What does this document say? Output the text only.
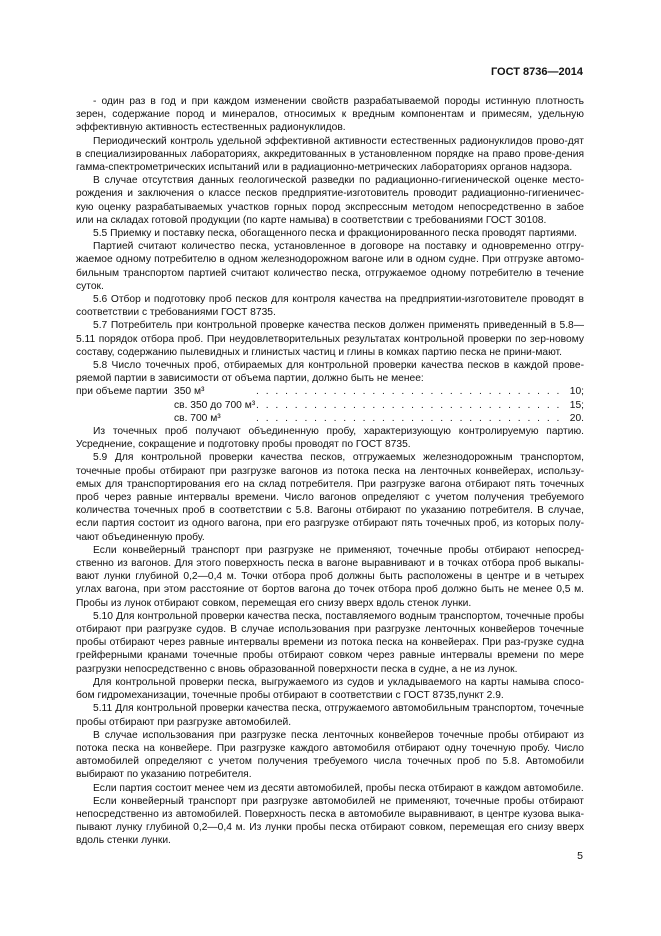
ГОСТ 8736—2014

- один раз в год и при каждом изменении свойств разрабатываемой породы истинную плотность зерен, содержание пород и минералов, относимых к вредным компонентам и примесям, удельную эффективную активность естественных радионуклидов.

Периодический контроль удельной эффективной активности естественных радионуклидов прово-дят в специализированных лабораториях, аккредитованных в установленном порядке на право прове-дения гамма-спектрометрических испытаний или в радиационно-метрических лабораториях органов надзора.

В случае отсутствия данных геологической разведки по радиационно-гигиенической оценке место-рождения и заключения о классе песков предприятие-изготовитель проводит радиационно-гигиеничес-кую оценку разрабатываемых участков горных пород экспрессным методом непосредственно в забое или на складах готовой продукции (по карте намыва) в соответствии с требованиями ГОСТ 30108.

5.5 Приемку и поставку песка, обогащенного песка и фракционированного песка проводят партиями.

Партией считают количество песка, установленное в договоре на поставку и одновременно отгру-жаемое одному потребителю в одном железнодорожном вагоне или в одном судне. При отгрузке автомо-бильным транспортом партией считают количество песка, отгружаемое одному потребителю в течение суток.

5.6 Отбор и подготовку проб песков для контроля качества на предприятии-изготовителе проводят в соответствии с требованиями ГОСТ 8735.

5.7 Потребитель при контрольной проверке качества песков должен применять приведенный в 5.8—5.11 порядок отбора проб. При неудовлетворительных результатах контрольной проверки по зер-новому составу, содержанию пылевидных и глинистых частиц и глины в комках партию песка не прини-мают.

5.8 Число точечных проб, отбираемых для контрольной проверки качества песков в каждой прове-ряемой партии в зависимости от объема партии, должно быть не менее:

при объеме партии 350 м³	. . . . . . . . . . . . . . . . . . . . . . . . . . . . . . . . 10;
св. 350 до 700 м³ . . . . . . . . . . . . . . . . . . . . . . . . . . . . . . . . 15;
св. 700 м³	. . . . . . . . . . . . . . . . . . . . . . . . . . . . . . . . 20.

Из точечных проб получают объединенную пробу, характеризующую контролируемую партию. Усреднение, сокращение и подготовку пробы проводят по ГОСТ 8735.

5.9 Для контрольной проверки качества песков, отгружаемых железнодорожным транспортом, точечные пробы отбирают при разгрузке вагонов из потока песка на ленточных конвейерах, использу-емых для транспортирования его на склад потребителя. При разгрузке вагона отбирают пять точечных проб через равные интервалы времени. Число вагонов определяют с учетом получения требуемого количества точечных проб в соответствии с 5.8. Вагоны отбирают по указанию потребителя. В случае, если партия состоит из одного вагона, при его разгрузке отбирают пять точечных проб, из которых полу-чают объединенную пробу.

Если конвейерный транспорт при разгрузке не применяют, точечные пробы отбирают непосред-ственно из вагонов. Для этого поверхность песка в вагоне выравнивают и в точках отбора проб выкапы-вают лунки глубиной 0,2—0,4 м. Точки отбора проб должны быть расположены в центре и в четырех углах вагона, при этом расстояние от бортов вагона до точек отбора проб должно быть не менее 0,5 м. Пробы из лунок отбирают совком, перемещая его снизу вверх вдоль стенок лунки.

5.10 Для контрольной проверки качества песка, поставляемого водным транспортом, точечные пробы отбирают при разгрузке судов. В случае использования при разгрузке ленточных конвейеров точечные пробы отбирают через равные интервалы времени из потока песка на конвейерах. При раз-грузке судна грейферными кранами точечные пробы отбирают совком через равные интервалы времени по мере разгрузки непосредственно с вновь образованной поверхности песка в судне, а не из лунок.

Для контрольной проверки песка, выгружаемого из судов и укладываемого на карты намыва спосо-бом гидромеханизации, точечные пробы отбирают в соответствии с ГОСТ 8735,пункт 2.9.

5.11 Для контрольной проверки качества песка, отгружаемого автомобильным транспортом, точечные пробы отбирают при разгрузке автомобилей.

В случае использования при разгрузке песка ленточных конвейеров точечные пробы отбирают из потока песка на конвейере. При разгрузке каждого автомобиля отбирают одну точечную пробу. Число автомобилей определяют с учетом получения требуемого числа точечных проб по 5.8. Автомобили выбирают по указанию потребителя.

Если партия состоит менее чем из десяти автомобилей, пробы песка отбирают в каждом автомобиле.

Если конвейерный транспорт при разгрузке автомобилей не применяют, точечные пробы отбирают непосредственно из автомобилей. Поверхность песка в автомобиле выравнивают, в центре кузова выка-пывают лунку глубиной 0,2—0,4 м. Из лунки пробы песка отбирают совком, перемещая его снизу вверх вдоль стенки лунки.

5
